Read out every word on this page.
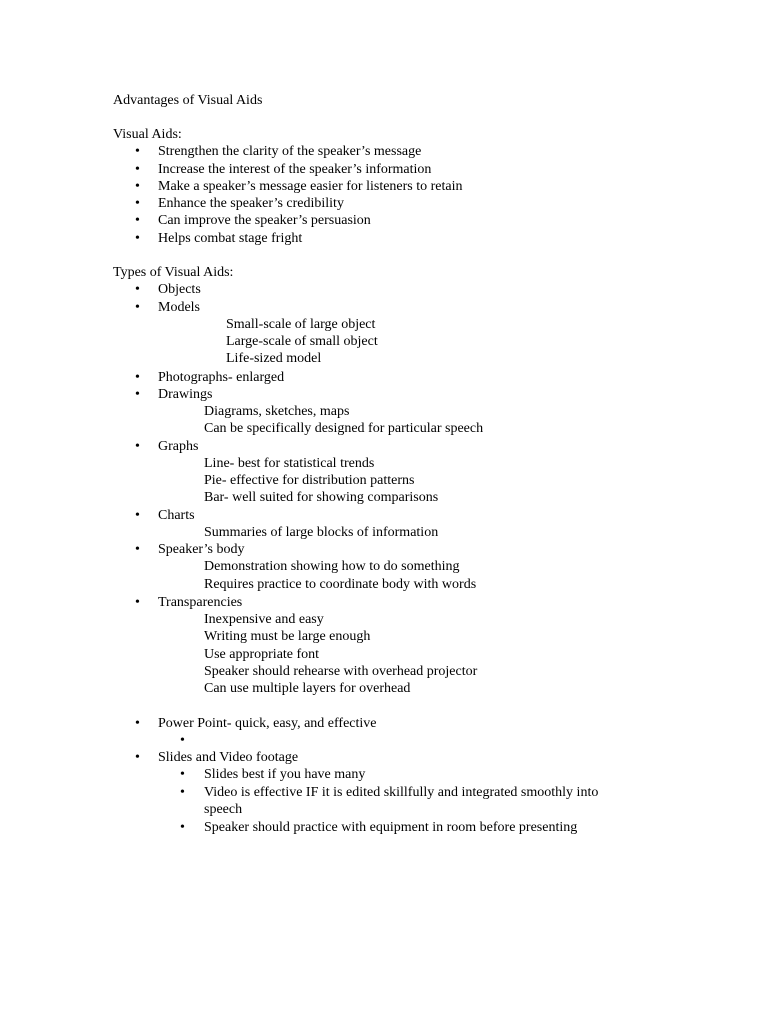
Advantages of Visual Aids
Visual Aids:
• Strengthen the clarity of the speaker’s message
• Increase the interest of the speaker’s information
• Make a speaker’s message easier for listeners to retain
• Enhance the speaker’s credibility
• Can improve the speaker’s persuasion
• Helps combat stage fright
Types of Visual Aids:
• Objects
• Models
Small-scale of large object
Large-scale of small object
Life-sized model
• Photographs- enlarged
• Drawings
Diagrams, sketches, maps
Can be specifically designed for particular speech
• Graphs
Line- best for statistical trends
Pie- effective for distribution patterns
Bar- well suited for showing comparisons
• Charts
Summaries of large blocks of information
• Speaker’s body
Demonstration showing how to do something
Requires practice to coordinate body with words
• Transparencies
Inexpensive and easy
Writing must be large enough
Use appropriate font
Speaker should rehearse with overhead projector
Can use multiple layers for overhead
• Power Point- quick, easy, and effective
•
• Slides and Video footage
• Slides best if you have many
• Video is effective IF it is edited skillfully and integrated smoothly into
speech
• Speaker should practice with equipment in room before presenting
